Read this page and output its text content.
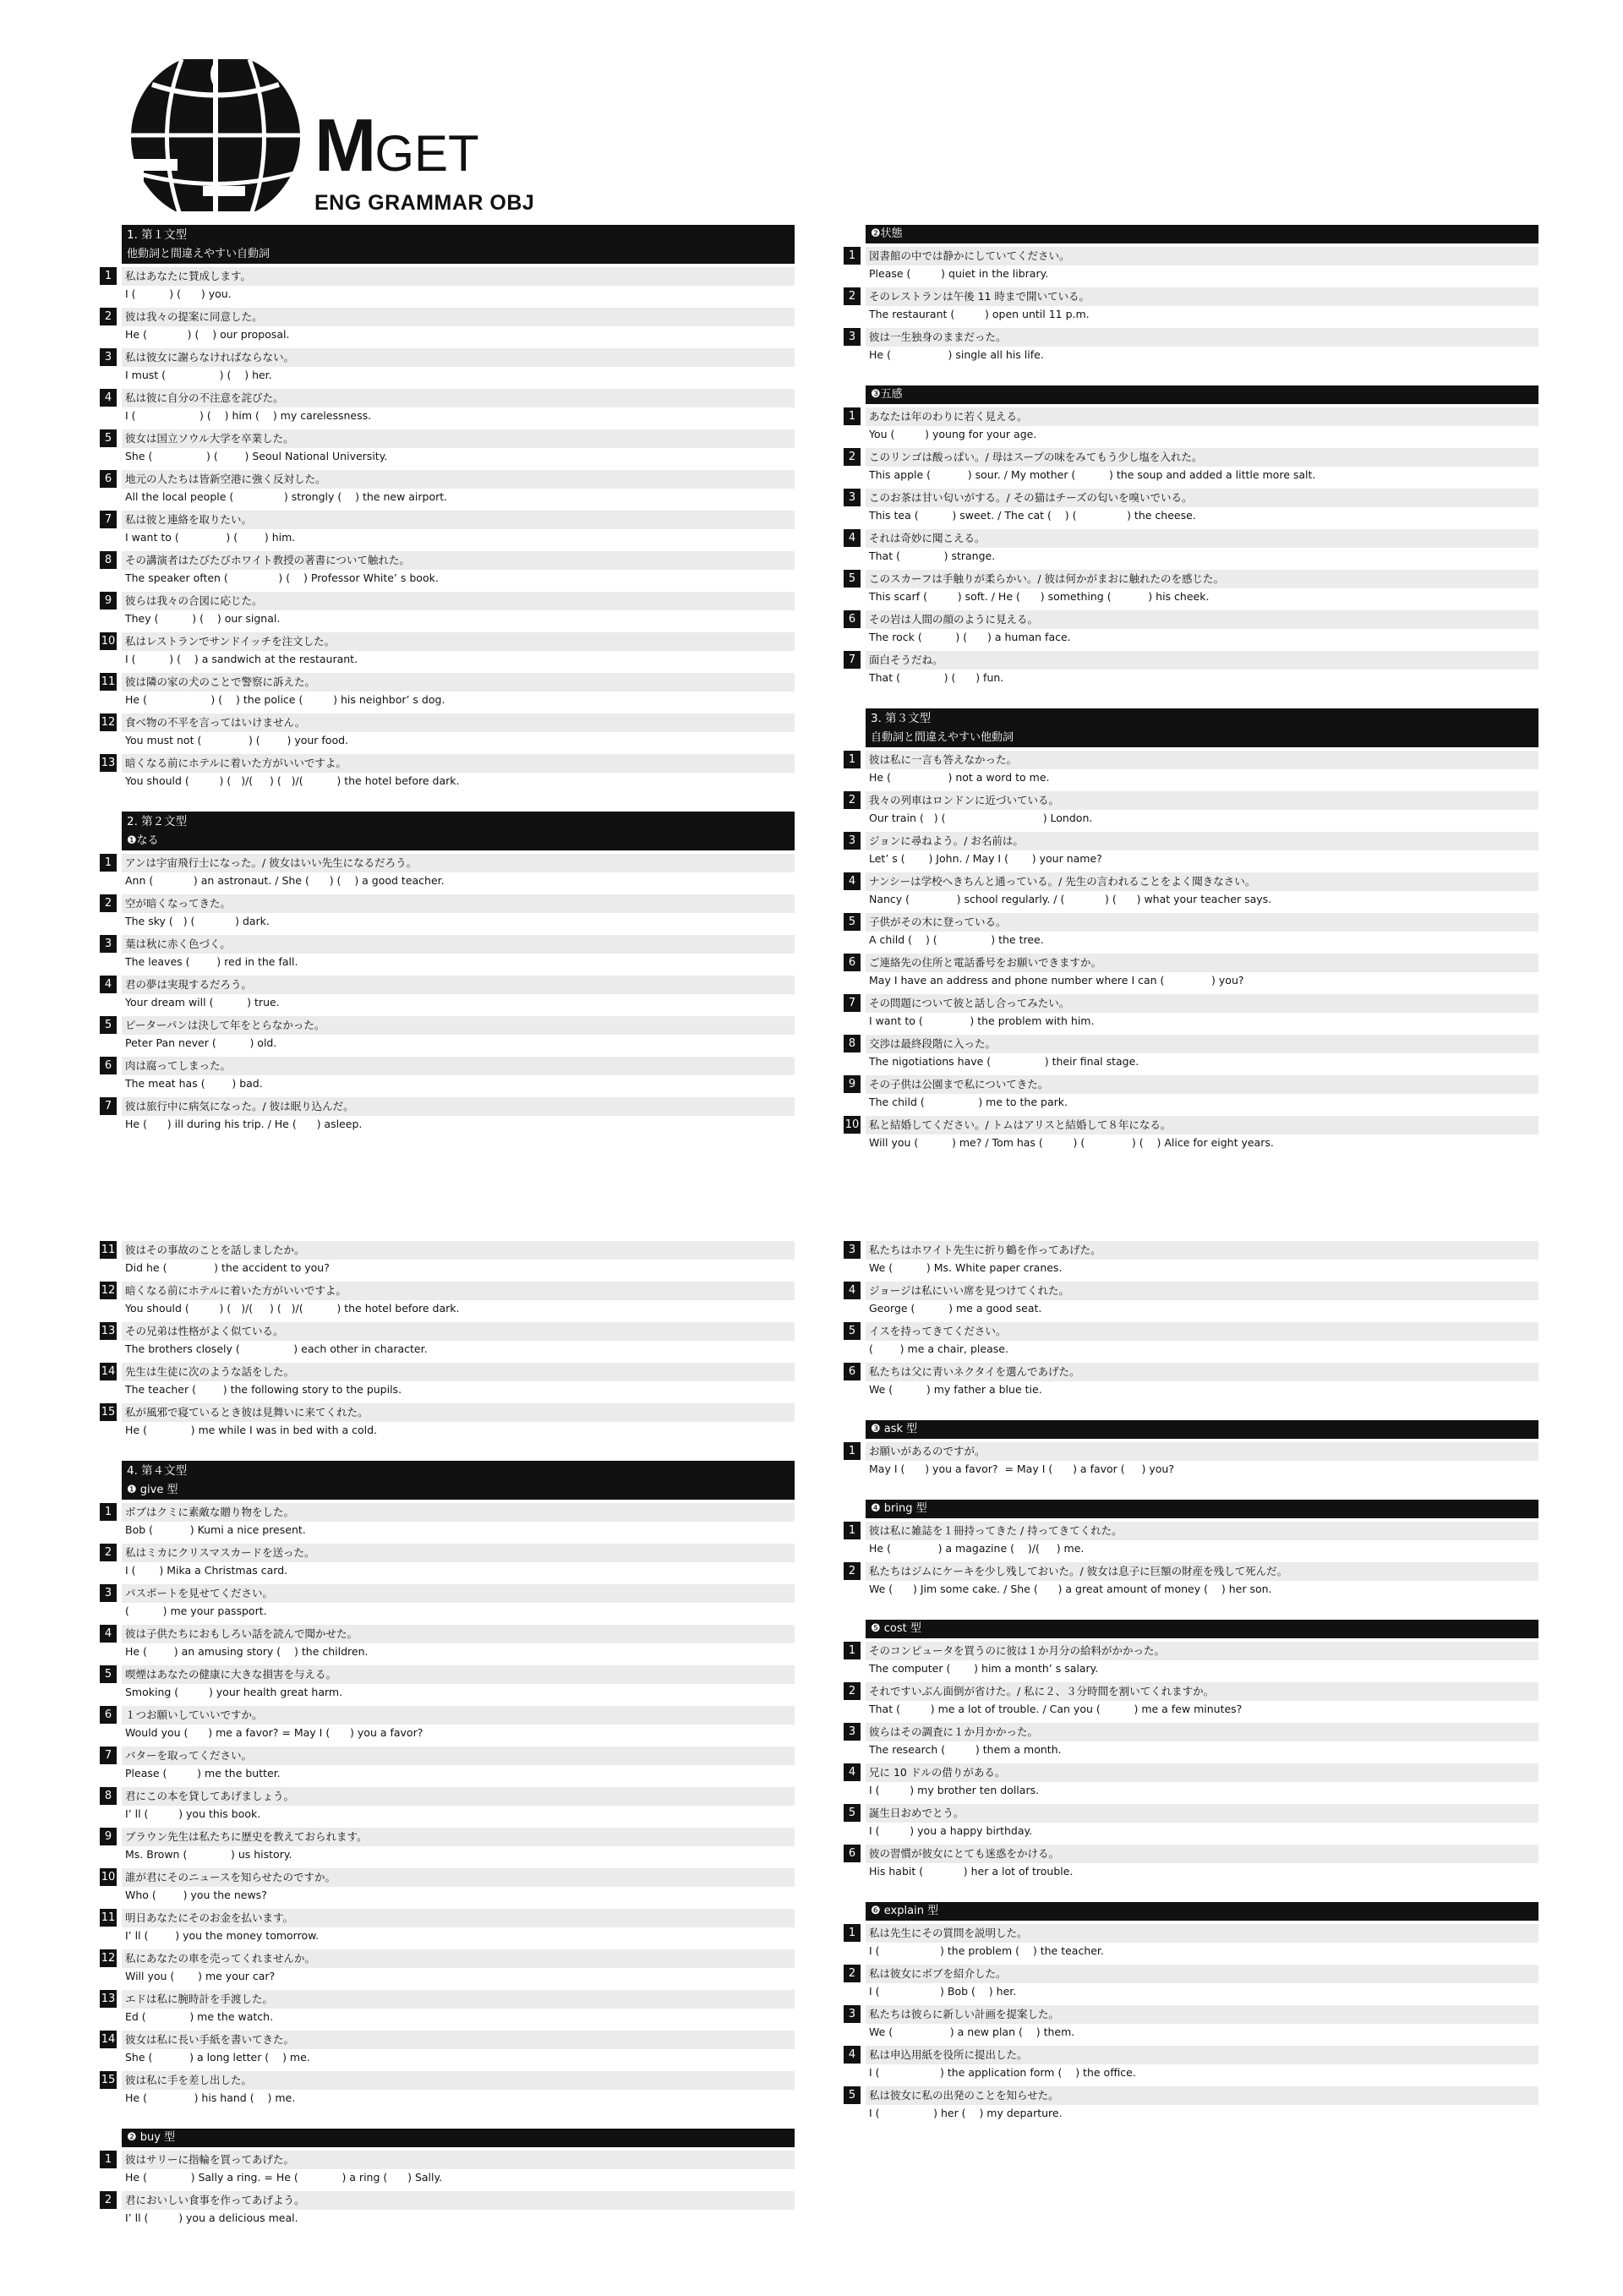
MGET
ENG GRAMMAR OBJ
1. 第１文型
他動詞と間違えやすい自動詞
1	私はあなたに賛成します。
I (          ) (      ) you.
2	彼は我々の提案に同意した。
He (            ) (    ) our proposal.
3	私は彼女に謝らなければならない。
I must (                ) (    ) her.
4	私は彼に自分の不注意を詫びた。
I (                   ) (    ) him (    ) my carelessness.
5	彼女は国立ソウル大学を卒業した。
She (                ) (        ) Seoul National University.
6	地元の人たちは皆新空港に強く反対した。
All the local people (               ) strongly (    ) the new airport.
7	私は彼と連絡を取りたい。
I want to (              ) (        ) him.
8	その講演者はたびたびホワイト教授の著書について触れた。
The speaker often (               ) (    ) Professor White’ s book.
9	彼らは我々の合図に応じた。
They (          ) (    ) our signal.
10 私はレストランでサンドイッチを注文した。
I (          ) (    ) a sandwich at the restaurant.
11 彼は隣の家の犬のことで警察に訴えた。
He (                   ) (    ) the police (         ) his neighbor’ s dog.
12 食べ物の不平を言ってはいけません。
You must not (              ) (        ) your food.
13 暗くなる前にホテルに着いた方がいいですよ。
You should (         ) (   )/(     ) (   )/(          ) the hotel before dark.
2. 第２文型
❶なる
1	アンは宇宙飛行士になった。/ 彼女はいい先生になるだろう。
Ann (            ) an astronaut. / She (      ) (    ) a good teacher.
2	空が暗くなってきた。
The sky (   ) (            ) dark.
3	葉は秋に赤く色づく。
The leaves (        ) red in the fall.
4	君の夢は実現するだろう。
Your dream will (          ) true.
5	ピーターパンは決して年をとらなかった。
Peter Pan never (          ) old.
6	肉は腐ってしまった。
The meat has (        ) bad.
7	彼は旅行中に病気になった。/ 彼は眠り込んだ。
He (      ) ill during his trip. / He (      ) asleep.
❷状態
1	図書館の中では静かにしていてください。
Please (         ) quiet in the library.
2	そのレストランは午後 11 時まで開いている。
The restaurant (         ) open until 11 p.m.
3	彼は一生独身のままだった。
He (                 ) single all his life.
❸五感
1	あなたは年のわりに若く見える。
You (         ) young for your age.
2	このリンゴは酸っぱい。/ 母はスープの味をみてもう少し塩を入れた。
This apple (           ) sour. / My mother (          ) the soup and added a little more salt.
3	このお茶は甘い匂いがする。/ その猫はチーズの匂いを嗅いでいる。
This tea (          ) sweet. / The cat (    ) (               ) the cheese.
4	それは奇妙に聞こえる。
That (             ) strange.
5	このスカーフは手触りが柔らかい。/ 彼は何かがまおに触れたのを感じた。
This scarf (         ) soft. / He (      ) something (           ) his cheek.
6	その岩は人間の顔のように見える。
The rock (          ) (      ) a human face.
7	面白そうだね。
That (             ) (      ) fun.
3. 第３文型
自動詞と間違えやすい他動詞
1	彼は私に一言も答えなかった。
He (                 ) not a word to me.
2	我々の列車はロンドンに近づいている。
Our train (   ) (                             ) London.
3	ジョンに尋ねよう。/ お名前は。
Let’ s (       ) John. / May I (       ) your name?
4	ナンシーは学校へきちんと通っている。/ 先生の言われることをよく聞きなさい。
Nancy (              ) school regularly. / (            ) (      ) what your teacher says.
5	子供がその木に登っている。
A child (    ) (                ) the tree.
6	ご連絡先の住所と電話番号をお願いできますか。
May I have an address and phone number where I can (              ) you?
7	その問題について彼と話し合ってみたい。
I want to (              ) the problem with him.
8	交渉は最終段階に入った。
The nigotiations have (                ) their final stage.
9	その子供は公園まで私についてきた。
The child (                ) me to the park.
10 私と結婚してください。/ トムはアリスと結婚して８年になる。
Will you (          ) me? / Tom has (         ) (              ) (    ) Alice for eight years.
11 彼はその事故のことを話しましたか。
Did he (              ) the accident to you?
12 暗くなる前にホテルに着いた方がいいですよ。
You should (         ) (   )/(     ) (   )/(          ) the hotel before dark.
13 その兄弟は性格がよく似ている。
The brothers closely (                ) each other in character.
14 先生は生徒に次のような話をした。
The teacher (        ) the following story to the pupils.
15 私が風邪で寝ているとき彼は見舞いに来てくれた。
He (             ) me while I was in bed with a cold.
4. 第４文型
❶ give 型
1	ボブはクミに素敵な贈り物をした。
Bob (           ) Kumi a nice present.
2	私はミカにクリスマスカードを送った。
I (       ) Mika a Christmas card.
3	パスポートを見せてください。
(          ) me your passport.
4	彼は子供たちにおもしろい話を読んで聞かせた。
He (        ) an amusing story (    ) the children.
5	喫煙はあなたの健康に大きな損害を与える。
Smoking (         ) your health great harm.
6	１つお願いしていいですか。
Would you (      ) me a favor? = May I (      ) you a favor?
7	バターを取ってください。
Please (         ) me the butter.
8	君にこの本を貸してあげましょう。
I’ ll (         ) you this book.
9	ブラウン先生は私たちに歴史を教えておられます。
Ms. Brown (             ) us history.
10 誰が君にそのニュースを知らせたのですか。
Who (        ) you the news?
11 明日あなたにそのお金を払います。
I’ ll (        ) you the money tomorrow.
12 私にあなたの車を売ってくれませんか。
Will you (       ) me your car?
13 エドは私に腕時計を手渡した。
Ed (             ) me the watch.
14 彼女は私に長い手紙を書いてきた。
She (           ) a long letter (    ) me.
15 彼は私に手を差し出した。
He (              ) his hand (    ) me.
❷ buy 型
1	彼はサリーに指輪を買ってあげた。
He (             ) Sally a ring. = He (             ) a ring (      ) Sally.
2	君においしい食事を作ってあげよう。
I’ ll (         ) you a delicious meal.
3	私たちはホワイト先生に折り鶴を作ってあげた。
We (          ) Ms. White paper cranes.
4	ジョージは私にいい席を見つけてくれた。
George (          ) me a good seat.
5	イスを持ってきてください。
(        ) me a chair, please.
6	私たちは父に青いネクタイを選んであげた。
We (          ) my father a blue tie.
❸ ask 型
1	お願いがあるのですが。
May I (      ) you a favor?  = May I (      ) a favor (     ) you?
❹ bring 型
1	彼は私に雑誌を１冊持ってきた / 持ってきてくれた。
He (              ) a magazine (    )/(     ) me.
2	私たちはジムにケーキを少し残しておいた。/ 彼女は息子に巨額の財産を残して死んだ。
We (      ) Jim some cake. / She (      ) a great amount of money (    ) her son.
❺ cost 型
1	そのコンピュータを買うのに彼は１か月分の給料がかかった。
The computer (       ) him a month’ s salary.
2	それですいぶん面倒が省けた。/ 私に２、３分時間を割いてくれますか。
That (         ) me a lot of trouble. / Can you (          ) me a few minutes?
3	彼らはその調査に１か月かかった。
The research (         ) them a month.
4	兄に 10 ドルの借りがある。
I (         ) my brother ten dollars.
5	誕生日おめでとう。
I (         ) you a happy birthday.
6	彼の習慣が彼女にとても迷惑をかける。
His habit (            ) her a lot of trouble.
❻ explain 型
1	私は先生にその質問を説明した。
I (                  ) the problem (    ) the teacher.
2	私は彼女にボブを紹介した。
I (                  ) Bob (    ) her.
3	私たちは彼らに新しい計画を提案した。
We (                 ) a new plan (    ) them.
4	私は申込用紙を役所に提出した。
I (                  ) the application form (    ) the office.
5	私は彼女に私の出発のことを知らせた。
I (                ) her (    ) my departure.
